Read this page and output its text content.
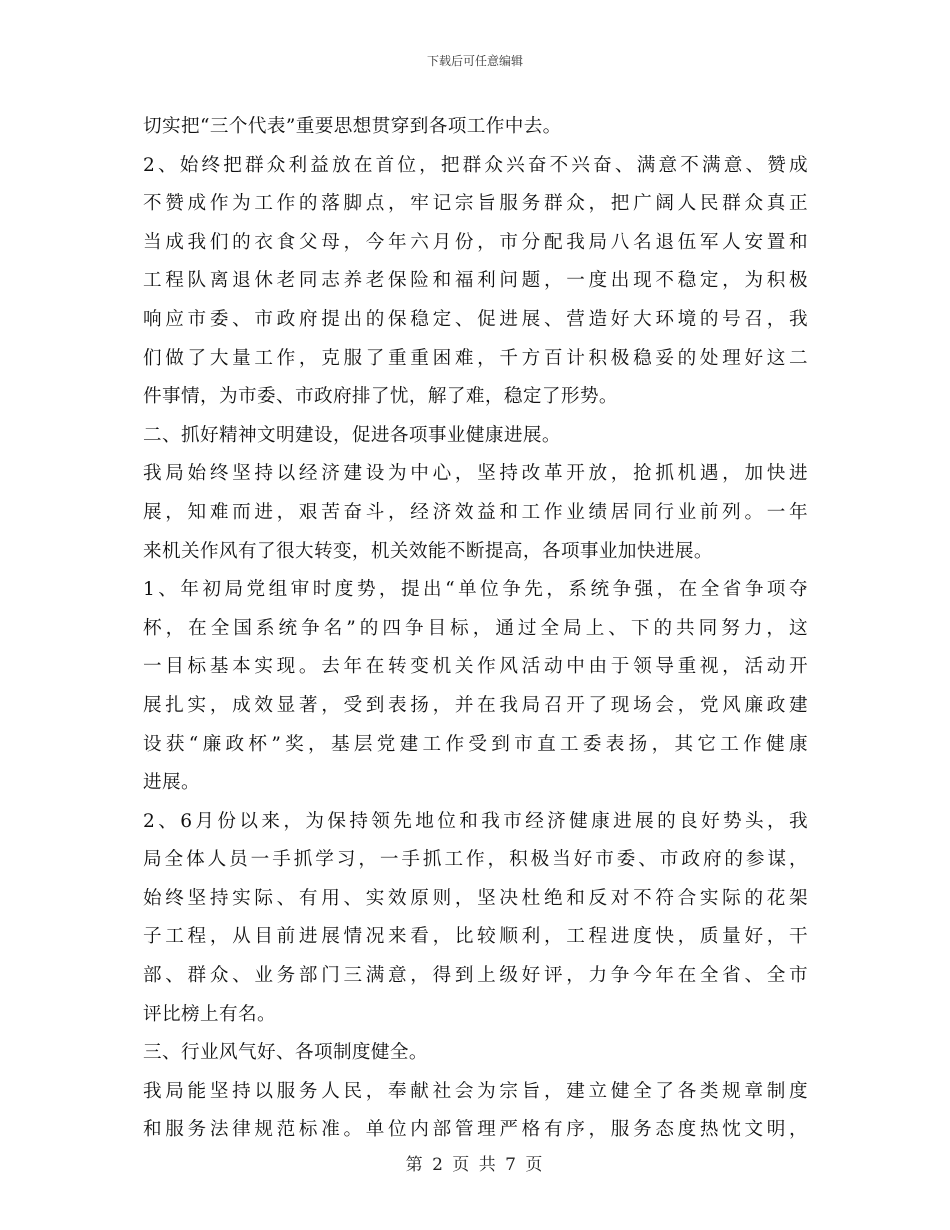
下载后可任意编辑
切实把“三个代表”重要思想贯穿到各项工作中去。
2、始终把群众利益放在首位，把群众兴奋不兴奋、满意不满意、赞成
不赞成作为工作的落脚点，牢记宗旨服务群众，把广阔人民群众真正
当成我们的衣食父母，今年六月份，市分配我局八名退伍军人安置和
工程队离退休老同志养老保险和福利问题，一度出现不稳定，为积极
响应市委、市政府提出的保稳定、促进展、营造好大环境的号召，我
们做了大量工作，克服了重重困难，千方百计积极稳妥的处理好这二
件事情，为市委、市政府排了忧，解了难，稳定了形势。
二、抓好精神文明建设，促进各项事业健康进展。
我局始终坚持以经济建设为中心，坚持改革开放，抢抓机遇，加快进
展，知难而进，艰苦奋斗，经济效益和工作业绩居同行业前列。一年
来机关作风有了很大转变，机关效能不断提高，各项事业加快进展。
1、年初局党组审时度势，提出“单位争先，系统争强，在全省争项夺
杯，在全国系统争名”的四争目标，通过全局上、下的共同努力，这
一目标基本实现。去年在转变机关作风活动中由于领导重视，活动开
展扎实，成效显著，受到表扬，并在我局召开了现场会，党风廉政建
设获“廉政杯”奖，基层党建工作受到市直工委表扬，其它工作健康
进展。
2、6月份以来，为保持领先地位和我市经济健康进展的良好势头，我
局全体人员一手抓学习，一手抓工作，积极当好市委、市政府的参谋，
始终坚持实际、有用、实效原则，坚决杜绝和反对不符合实际的花架
子工程，从目前进展情况来看，比较顺利，工程进度快，质量好，干
部、群众、业务部门三满意，得到上级好评，力争今年在全省、全市
评比榜上有名。
三、行业风气好、各项制度健全。
我局能坚持以服务人民，奉献社会为宗旨，建立健全了各类规章制度
和服务法律规范标准。单位内部管理严格有序，服务态度热忱文明，
第 2 页 共 7 页
